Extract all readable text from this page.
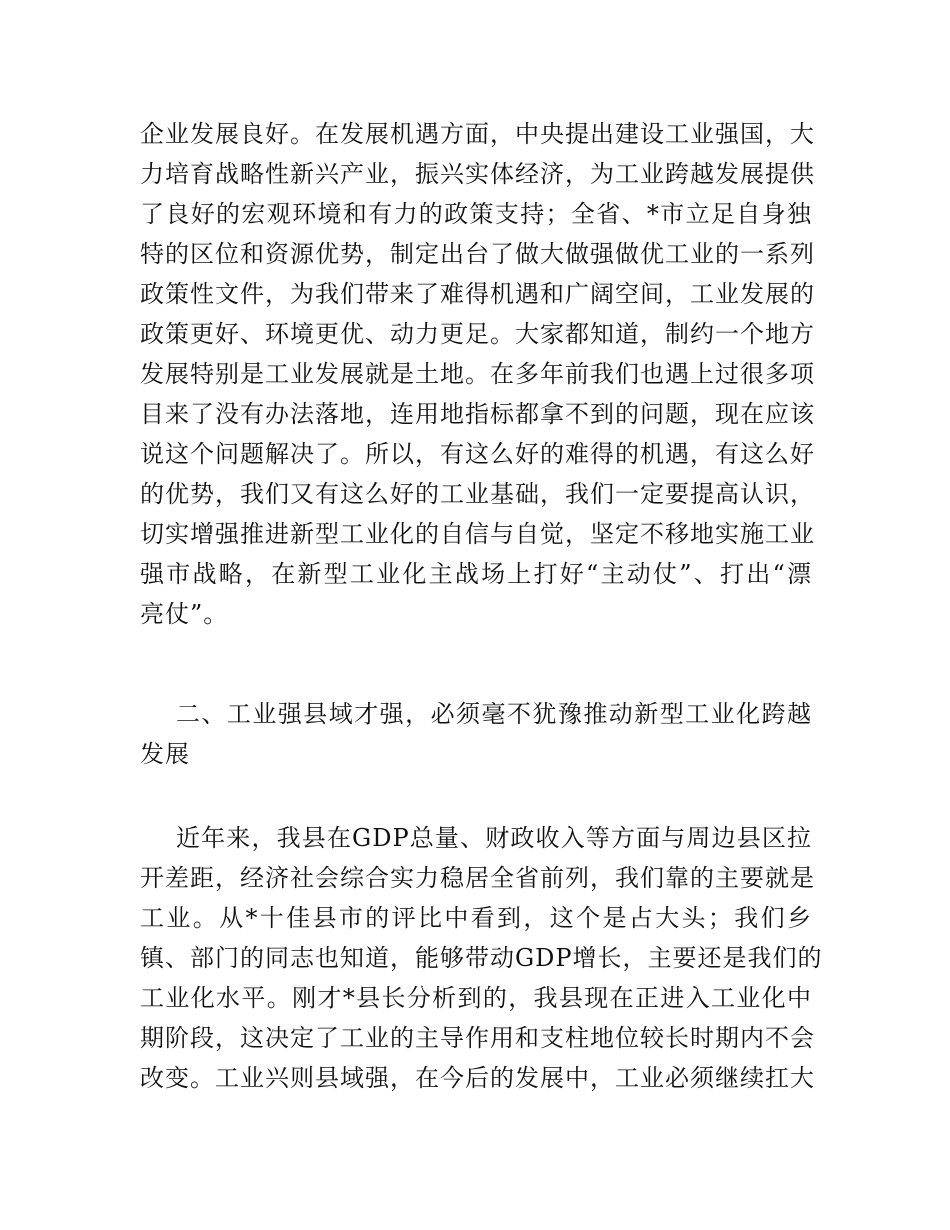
企业发展良好。在发展机遇方面，中央提出建设工业强国，大
力培育战略性新兴产业，振兴实体经济，为工业跨越发展提供
了良好的宏观环境和有力的政策支持；全省、*市立足自身独
特的区位和资源优势，制定出台了做大做强做优工业的一系列
政策性文件，为我们带来了难得机遇和广阔空间，工业发展的
政策更好、环境更优、动力更足。大家都知道，制约一个地方
发展特别是工业发展就是土地。在多年前我们也遇上过很多项
目来了没有办法落地，连用地指标都拿不到的问题，现在应该
说这个问题解决了。所以，有这么好的难得的机遇，有这么好
的优势，我们又有这么好的工业基础，我们一定要提高认识，
切实增强推进新型工业化的自信与自觉，坚定不移地实施工业
强市战略，在新型工业化主战场上打好“主动仗”、打出“漂
亮仗”。
二、工业强县域才强，必须毫不犹豫推动新型工业化跨越
发展
近年来，我县在GDP总量、财政收入等方面与周边县区拉
开差距，经济社会综合实力稳居全省前列，我们靠的主要就是
工业。从*十佳县市的评比中看到，这个是占大头；我们乡
镇、部门的同志也知道，能够带动GDP增长，主要还是我们的
工业化水平。刚才*县长分析到的，我县现在正进入工业化中
期阶段，这决定了工业的主导作用和支柱地位较长时期内不会
改变。工业兴则县域强，在今后的发展中，工业必须继续扛大
